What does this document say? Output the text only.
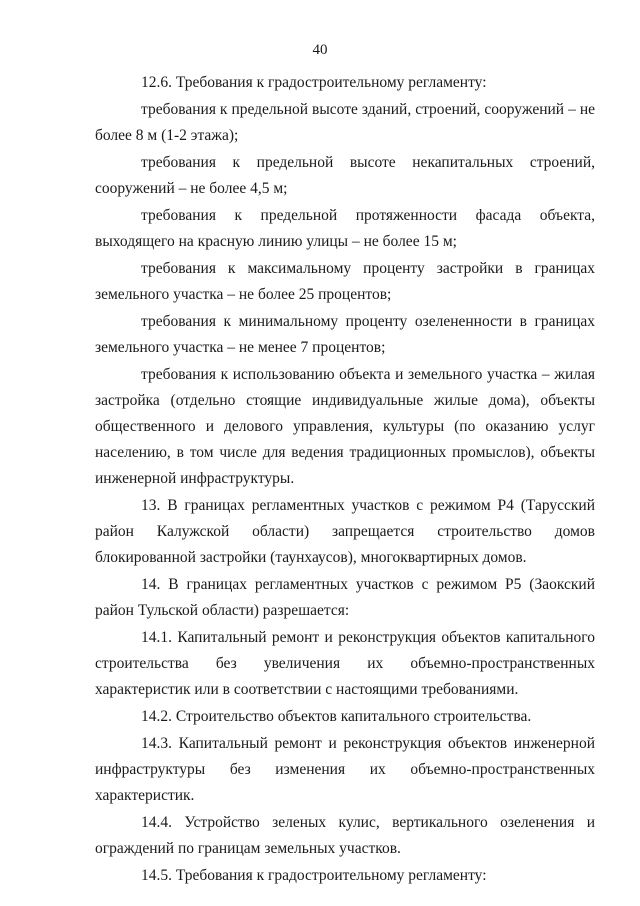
40

12.6. Требования к градостроительному регламенту:

требования к предельной высоте зданий, строений, сооружений – не более 8 м (1-2 этажа);

требования к предельной высоте некапитальных строений, сооружений – не более 4,5 м;

требования к предельной протяженности фасада объекта, выходящего на красную линию улицы – не более 15 м;

требования к максимальному проценту застройки в границах земельного участка – не более 25 процентов;

требования к минимальному проценту озелененности в границах земельного участка – не менее 7 процентов;

требования к использованию объекта и земельного участка – жилая застройка (отдельно стоящие индивидуальные жилые дома), объекты общественного и делового управления, культуры (по оказанию услуг населению, в том числе для ведения традиционных промыслов), объекты инженерной инфраструктуры.

13. В границах регламентных участков с режимом Р4 (Тарусский район Калужской области) запрещается строительство домов блокированной застройки (таунхаусов), многоквартирных домов.

14. В границах регламентных участков с режимом Р5 (Заокский район Тульской области) разрешается:

14.1. Капитальный ремонт и реконструкция объектов капитального строительства без увеличения их объемно-пространственных характеристик или в соответствии с настоящими требованиями.

14.2. Строительство объектов капитального строительства.

14.3. Капитальный ремонт и реконструкция объектов инженерной инфраструктуры без изменения их объемно-пространственных характеристик.

14.4. Устройство зеленых кулис, вертикального озеленения и ограждений по границам земельных участков.

14.5. Требования к градостроительному регламенту:
